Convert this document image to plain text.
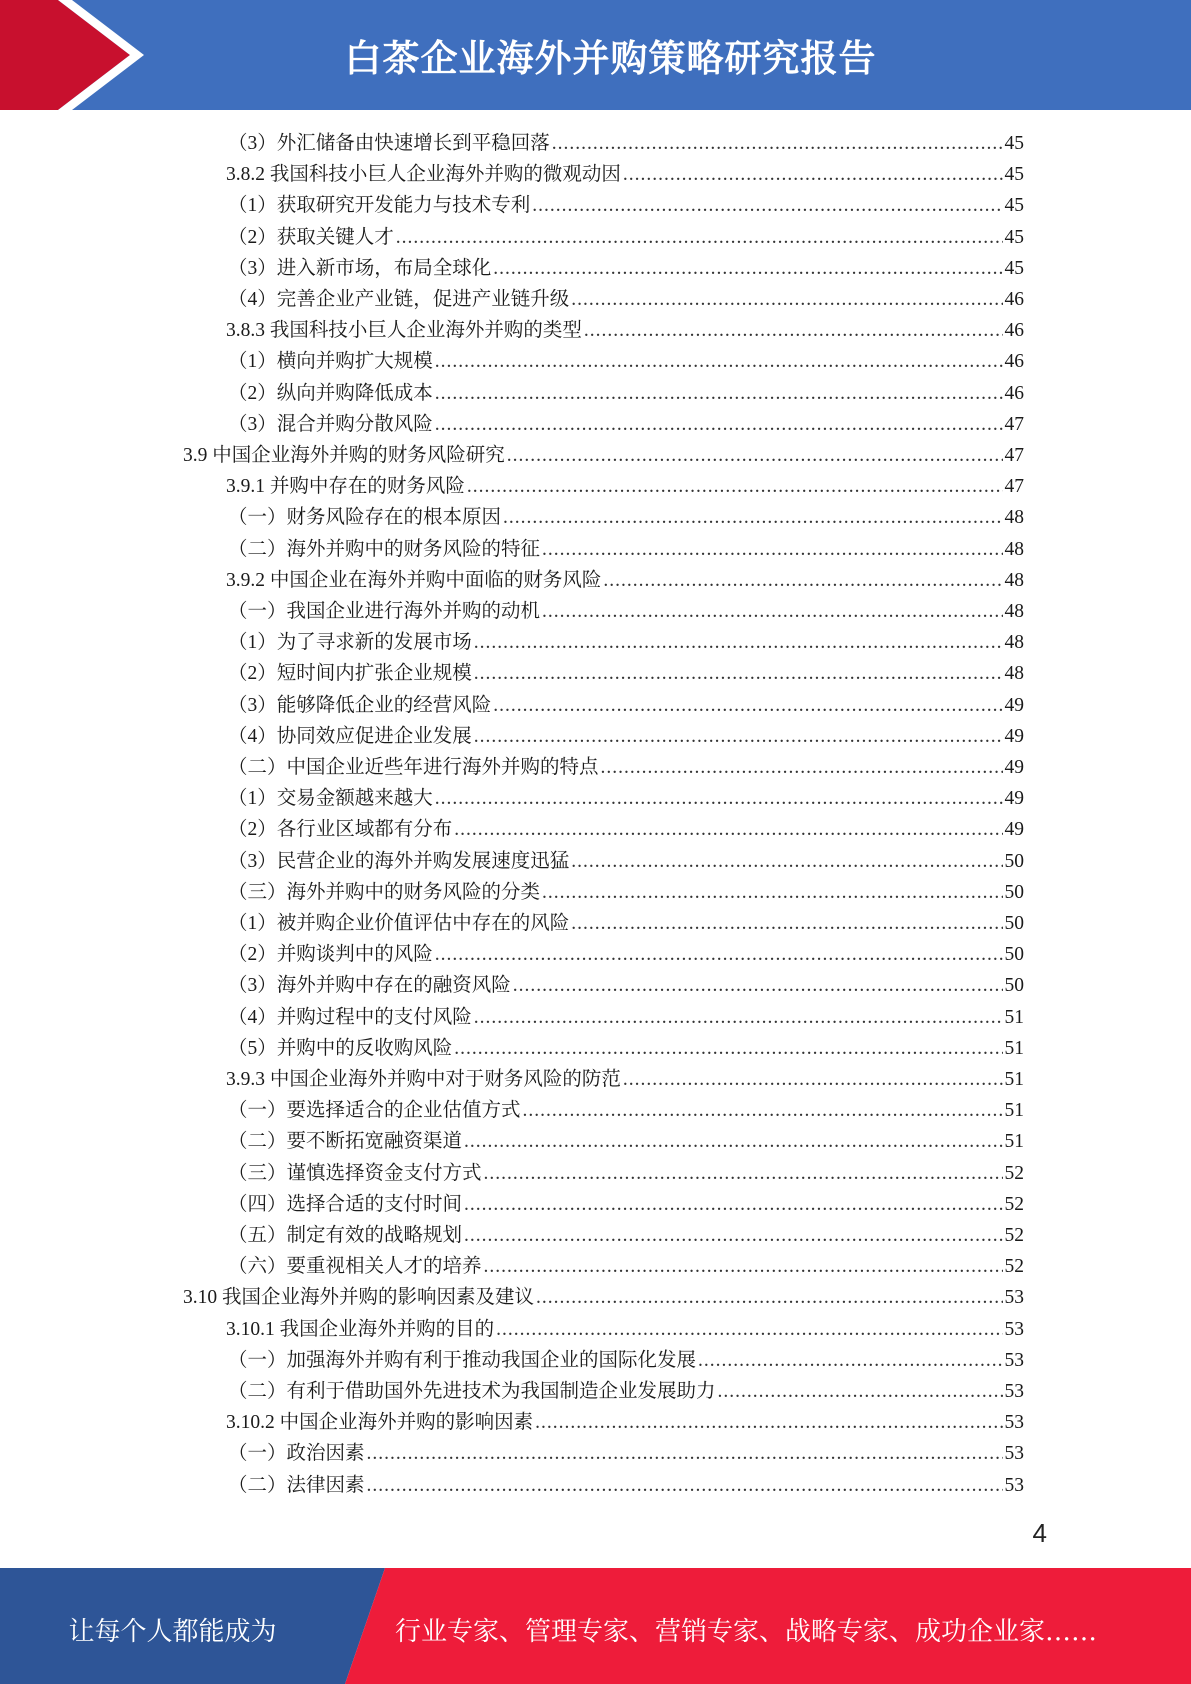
白茶企业海外并购策略研究报告
（3）外汇储备由快速增长到平稳回落 .....	45
3.8.2 我国科技小巨人企业海外并购的微观动因 .....	45
（1）获取研究开发能力与技术专利 .....	45
（2）获取关键人才 .....	45
（3）进入新市场，布局全球化 .....	45
（4）完善企业产业链，促进产业链升级 .....	46
3.8.3 我国科技小巨人企业海外并购的类型 .....	46
（1）横向并购扩大规模 .....	46
（2）纵向并购降低成本 .....	46
（3）混合并购分散风险 .....	47
3.9 中国企业海外并购的财务风险研究 .....	47
3.9.1 并购中存在的财务风险 .....	47
（一）财务风险存在的根本原因 .....	48
（二）海外并购中的财务风险的特征 .....	48
3.9.2 中国企业在海外并购中面临的财务风险 .....	48
（一）我国企业进行海外并购的动机 .....	48
（1）为了寻求新的发展市场 .....	48
（2）短时间内扩张企业规模 .....	48
（3）能够降低企业的经营风险 .....	49
（4）协同效应促进企业发展 .....	49
（二）中国企业近些年进行海外并购的特点 .....	49
（1）交易金额越来越大 .....	49
（2）各行业区域都有分布 .....	49
（3）民营企业的海外并购发展速度迅猛 .....	50
（三）海外并购中的财务风险的分类 .....	50
（1）被并购企业价值评估中存在的风险 .....	50
（2）并购谈判中的风险 .....	50
（3）海外并购中存在的融资风险 .....	50
（4）并购过程中的支付风险 .....	51
（5）并购中的反收购风险 .....	51
3.9.3 中国企业海外并购中对于财务风险的防范 .....	51
（一）要选择适合的企业估值方式 .....	51
（二）要不断拓宽融资渠道 .....	51
（三）谨慎选择资金支付方式 .....	52
（四）选择合适的支付时间 .....	52
（五）制定有效的战略规划 .....	52
（六）要重视相关人才的培养 .....	52
3.10 我国企业海外并购的影响因素及建议 .....	53
3.10.1 我国企业海外并购的目的 .....	53
（一）加强海外并购有利于推动我国企业的国际化发展 .....	53
（二）有利于借助国外先进技术为我国制造企业发展助力 .....	53
3.10.2 中国企业海外并购的影响因素 .....	53
（一）政治因素 .....	53
（二）法律因素 .....	53
4
让每个人都能成为	行业专家、管理专家、营销专家、战略专家、成功企业家……
